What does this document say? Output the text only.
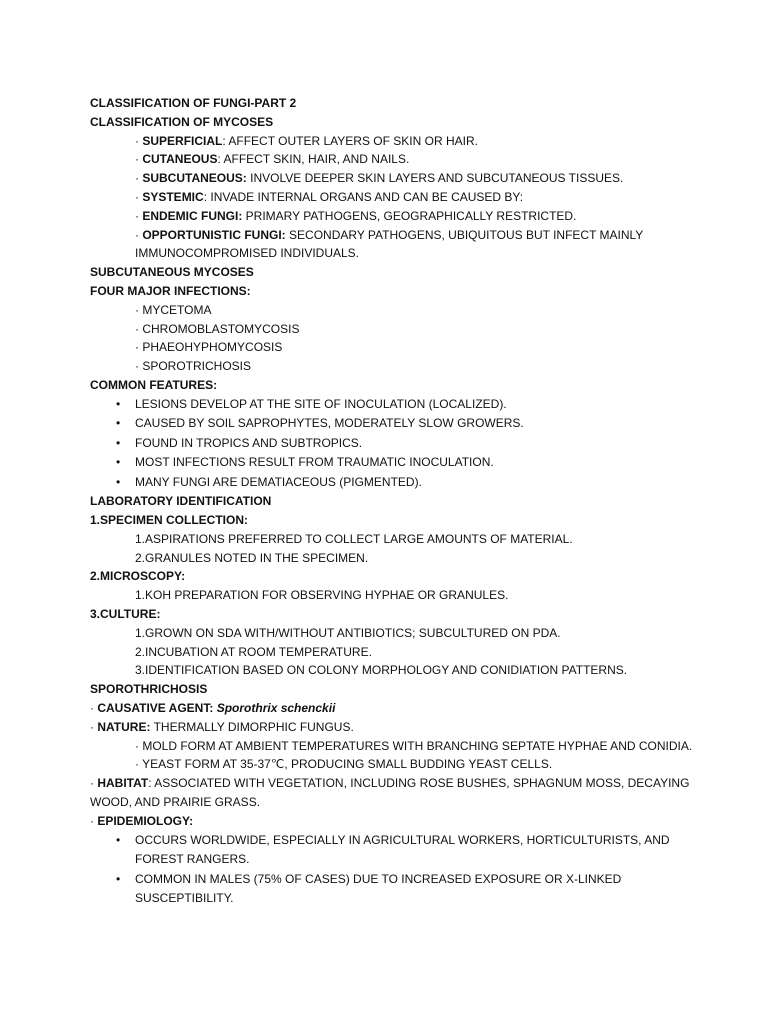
CLASSIFICATION OF FUNGI-PART 2
CLASSIFICATION OF MYCOSES
· SUPERFICIAL: AFFECT OUTER LAYERS OF SKIN OR HAIR.
· CUTANEOUS: AFFECT SKIN, HAIR, AND NAILS.
· SUBCUTANEOUS: INVOLVE DEEPER SKIN LAYERS AND SUBCUTANEOUS TISSUES.
· SYSTEMIC: INVADE INTERNAL ORGANS AND CAN BE CAUSED BY:
· ENDEMIC FUNGI: PRIMARY PATHOGENS, GEOGRAPHICALLY RESTRICTED.
· OPPORTUNISTIC FUNGI: SECONDARY PATHOGENS, UBIQUITOUS BUT INFECT MAINLY
IMMUNOCOMPROMISED INDIVIDUALS.
SUBCUTANEOUS MYCOSES
FOUR MAJOR INFECTIONS:
· MYCETOMA
· CHROMOBLASTOMYCOSIS
· PHAEOHYPHOMYCOSIS
· SPOROTRICHOSIS
COMMON FEATURES:
• LESIONS DEVELOP AT THE SITE OF INOCULATION (LOCALIZED).
• CAUSED BY SOIL SAPROPHYTES, MODERATELY SLOW GROWERS.
• FOUND IN TROPICS AND SUBTROPICS.
• MOST INFECTIONS RESULT FROM TRAUMATIC INOCULATION.
• MANY FUNGI ARE DEMATIACEOUS (PIGMENTED).
LABORATORY IDENTIFICATION
1.SPECIMEN COLLECTION:
1.ASPIRATIONS PREFERRED TO COLLECT LARGE AMOUNTS OF MATERIAL.
2.GRANULES NOTED IN THE SPECIMEN.
2.MICROSCOPY:
1.KOH PREPARATION FOR OBSERVING HYPHAE OR GRANULES.
3.CULTURE:
1.GROWN ON SDA WITH/WITHOUT ANTIBIOTICS; SUBCULTURED ON PDA.
2.INCUBATION AT ROOM TEMPERATURE.
3.IDENTIFICATION BASED ON COLONY MORPHOLOGY AND CONIDIATION PATTERNS.
SPOROTHRICHOSIS
· CAUSATIVE AGENT: Sporothrix schenckii
· NATURE: THERMALLY DIMORPHIC FUNGUS.
· MOLD FORM AT AMBIENT TEMPERATURES WITH BRANCHING SEPTATE HYPHAE AND CONIDIA.
· YEAST FORM AT 35-37℃, PRODUCING SMALL BUDDING YEAST CELLS.
· HABITAT: ASSOCIATED WITH VEGETATION, INCLUDING ROSE BUSHES, SPHAGNUM MOSS, DECAYING
WOOD, AND PRAIRIE GRASS.
· EPIDEMIOLOGY:
• OCCURS WORLDWIDE, ESPECIALLY IN AGRICULTURAL WORKERS, HORTICULTURISTS, AND
FOREST RANGERS.
• COMMON IN MALES (75% OF CASES) DUE TO INCREASED EXPOSURE OR X-LINKED
SUSCEPTIBILITY.
